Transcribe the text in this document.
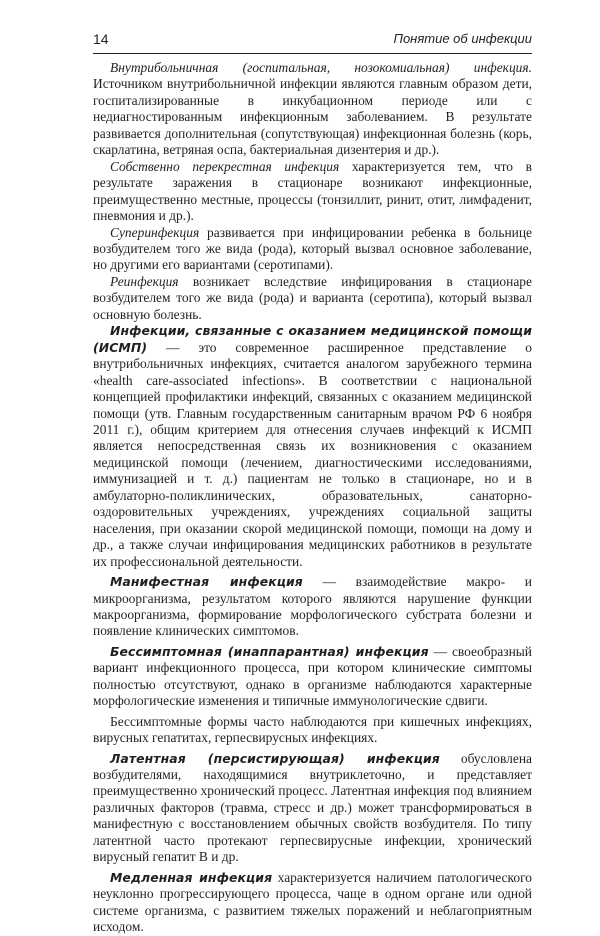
14	Понятие об инфекции

Внутрибольничная (госпитальная, нозокомиальная) инфекция. Источником внутрибольничной инфекции являются главным образом дети, госпитализированные в инкубационном периоде или с недиагностированным инфекционным заболеванием. В результате развивается дополнительная (сопутствующая) инфекционная болезнь (корь, скарлатина, ветряная оспа, бактериальная дизентерия и др.).

Собственно перекрестная инфекция характеризуется тем, что в результате заражения в стационаре возникают инфекционные, преимущественно местные, процессы (тонзиллит, ринит, отит, лимфаденит, пневмония и др.).

Суперинфекция развивается при инфицировании ребенка в больнице возбудителем того же вида (рода), который вызвал основное заболевание, но другими его вариантами (серотипами).

Реинфекция возникает вследствие инфицирования в стационаре возбудителем того же вида (рода) и варианта (серотипа), который вызвал основную болезнь.

Инфекции, связанные с оказанием медицинской помощи (ИСМП) — это современное расширенное представление о внутрибольничных инфекциях, считается аналогом зарубежного термина «health care-associated infections». В соответствии с национальной концепцией профилактики инфекций, связанных с оказанием медицинской помощи (утв. Главным государственным санитарным врачом РФ 6 ноября 2011 г.), общим критерием для отнесения случаев инфекций к ИСМП является непосредственная связь их возникновения с оказанием медицинской помощи (лечением, диагностическими исследованиями, иммунизацией и т. д.) пациентам не только в стационаре, но и в амбулаторно-поликлинических, образовательных, санаторно-оздоровительных учреждениях, учреждениях социальной защиты населения, при оказании скорой медицинской помощи, помощи на дому и др., а также случаи инфицирования медицинских работников в результате их профессиональной деятельности.

Манифестная инфекция — взаимодействие макро- и микроорганизма, результатом которого являются нарушение функции макроорганизма, формирование морфологического субстрата болезни и появление клинических симптомов.

Бессимптомная (инаппарантная) инфекция — своеобразный вариант инфекционного процесса, при котором клинические симптомы полностью отсутствуют, однако в организме наблюдаются характерные морфологические изменения и типичные иммунологические сдвиги.

Бессимптомные формы часто наблюдаются при кишечных инфекциях, вирусных гепатитах, герпесвирусных инфекциях.

Латентная (персистирующая) инфекция обусловлена возбудителями, находящимися внутриклеточно, и представляет преимущественно хронический процесс. Латентная инфекция под влиянием различных факторов (травма, стресс и др.) может трансформироваться в манифестную с восстановлением обычных свойств возбудителя. По типу латентной часто протекают герпесвирусные инфекции, хронический вирусный гепатит В и др.

Медленная инфекция характеризуется наличием патологического неуклонно прогрессирующего процесса, чаще в одном органе или одной системе организма, с развитием тяжелых поражений и неблагоприятным исходом.
